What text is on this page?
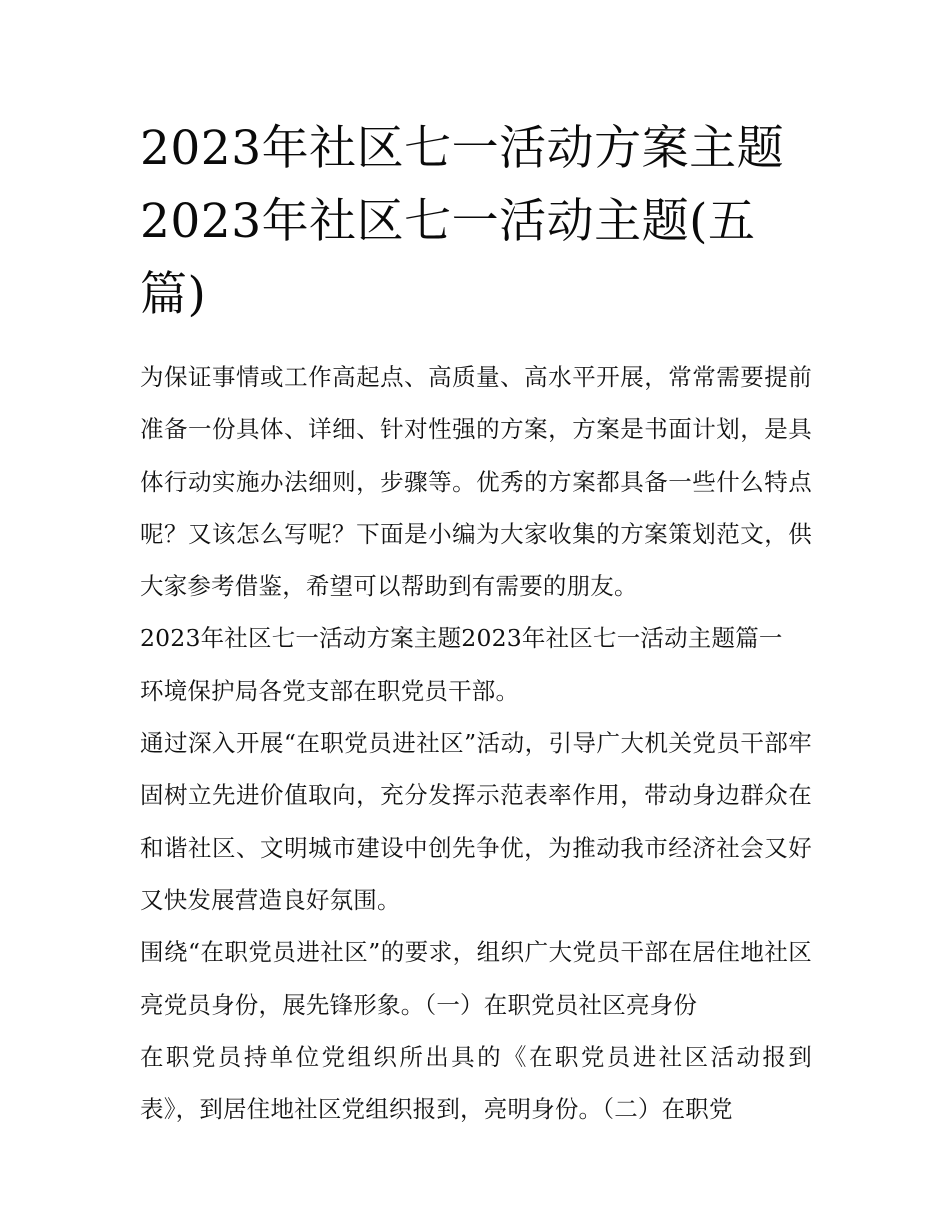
2023年社区七一活动方案主题2023年社区七一活动主题(五篇)

为保证事情或工作高起点、高质量、高水平开展，常常需要提前准备一份具体、详细、针对性强的方案，方案是书面计划，是具体行动实施办法细则，步骤等。优秀的方案都具备一些什么特点呢？又该怎么写呢？下面是小编为大家收集的方案策划范文，供大家参考借鉴，希望可以帮助到有需要的朋友。

2023年社区七一活动方案主题2023年社区七一活动主题篇一

环境保护局各党支部在职党员干部。

通过深入开展“在职党员进社区”活动，引导广大机关党员干部牢固树立先进价值取向，充分发挥示范表率作用，带动身边群众在和谐社区、文明城市建设中创先争优，为推动我市经济社会又好又快发展营造良好氛围。

围绕“在职党员进社区”的要求，组织广大党员干部在居住地社区亮党员身份，展先锋形象。（一）在职党员社区亮身份

在职党员持单位党组织所出具的《在职党员进社区活动报到表》，到居住地社区党组织报到，亮明身份。（二）在职党
